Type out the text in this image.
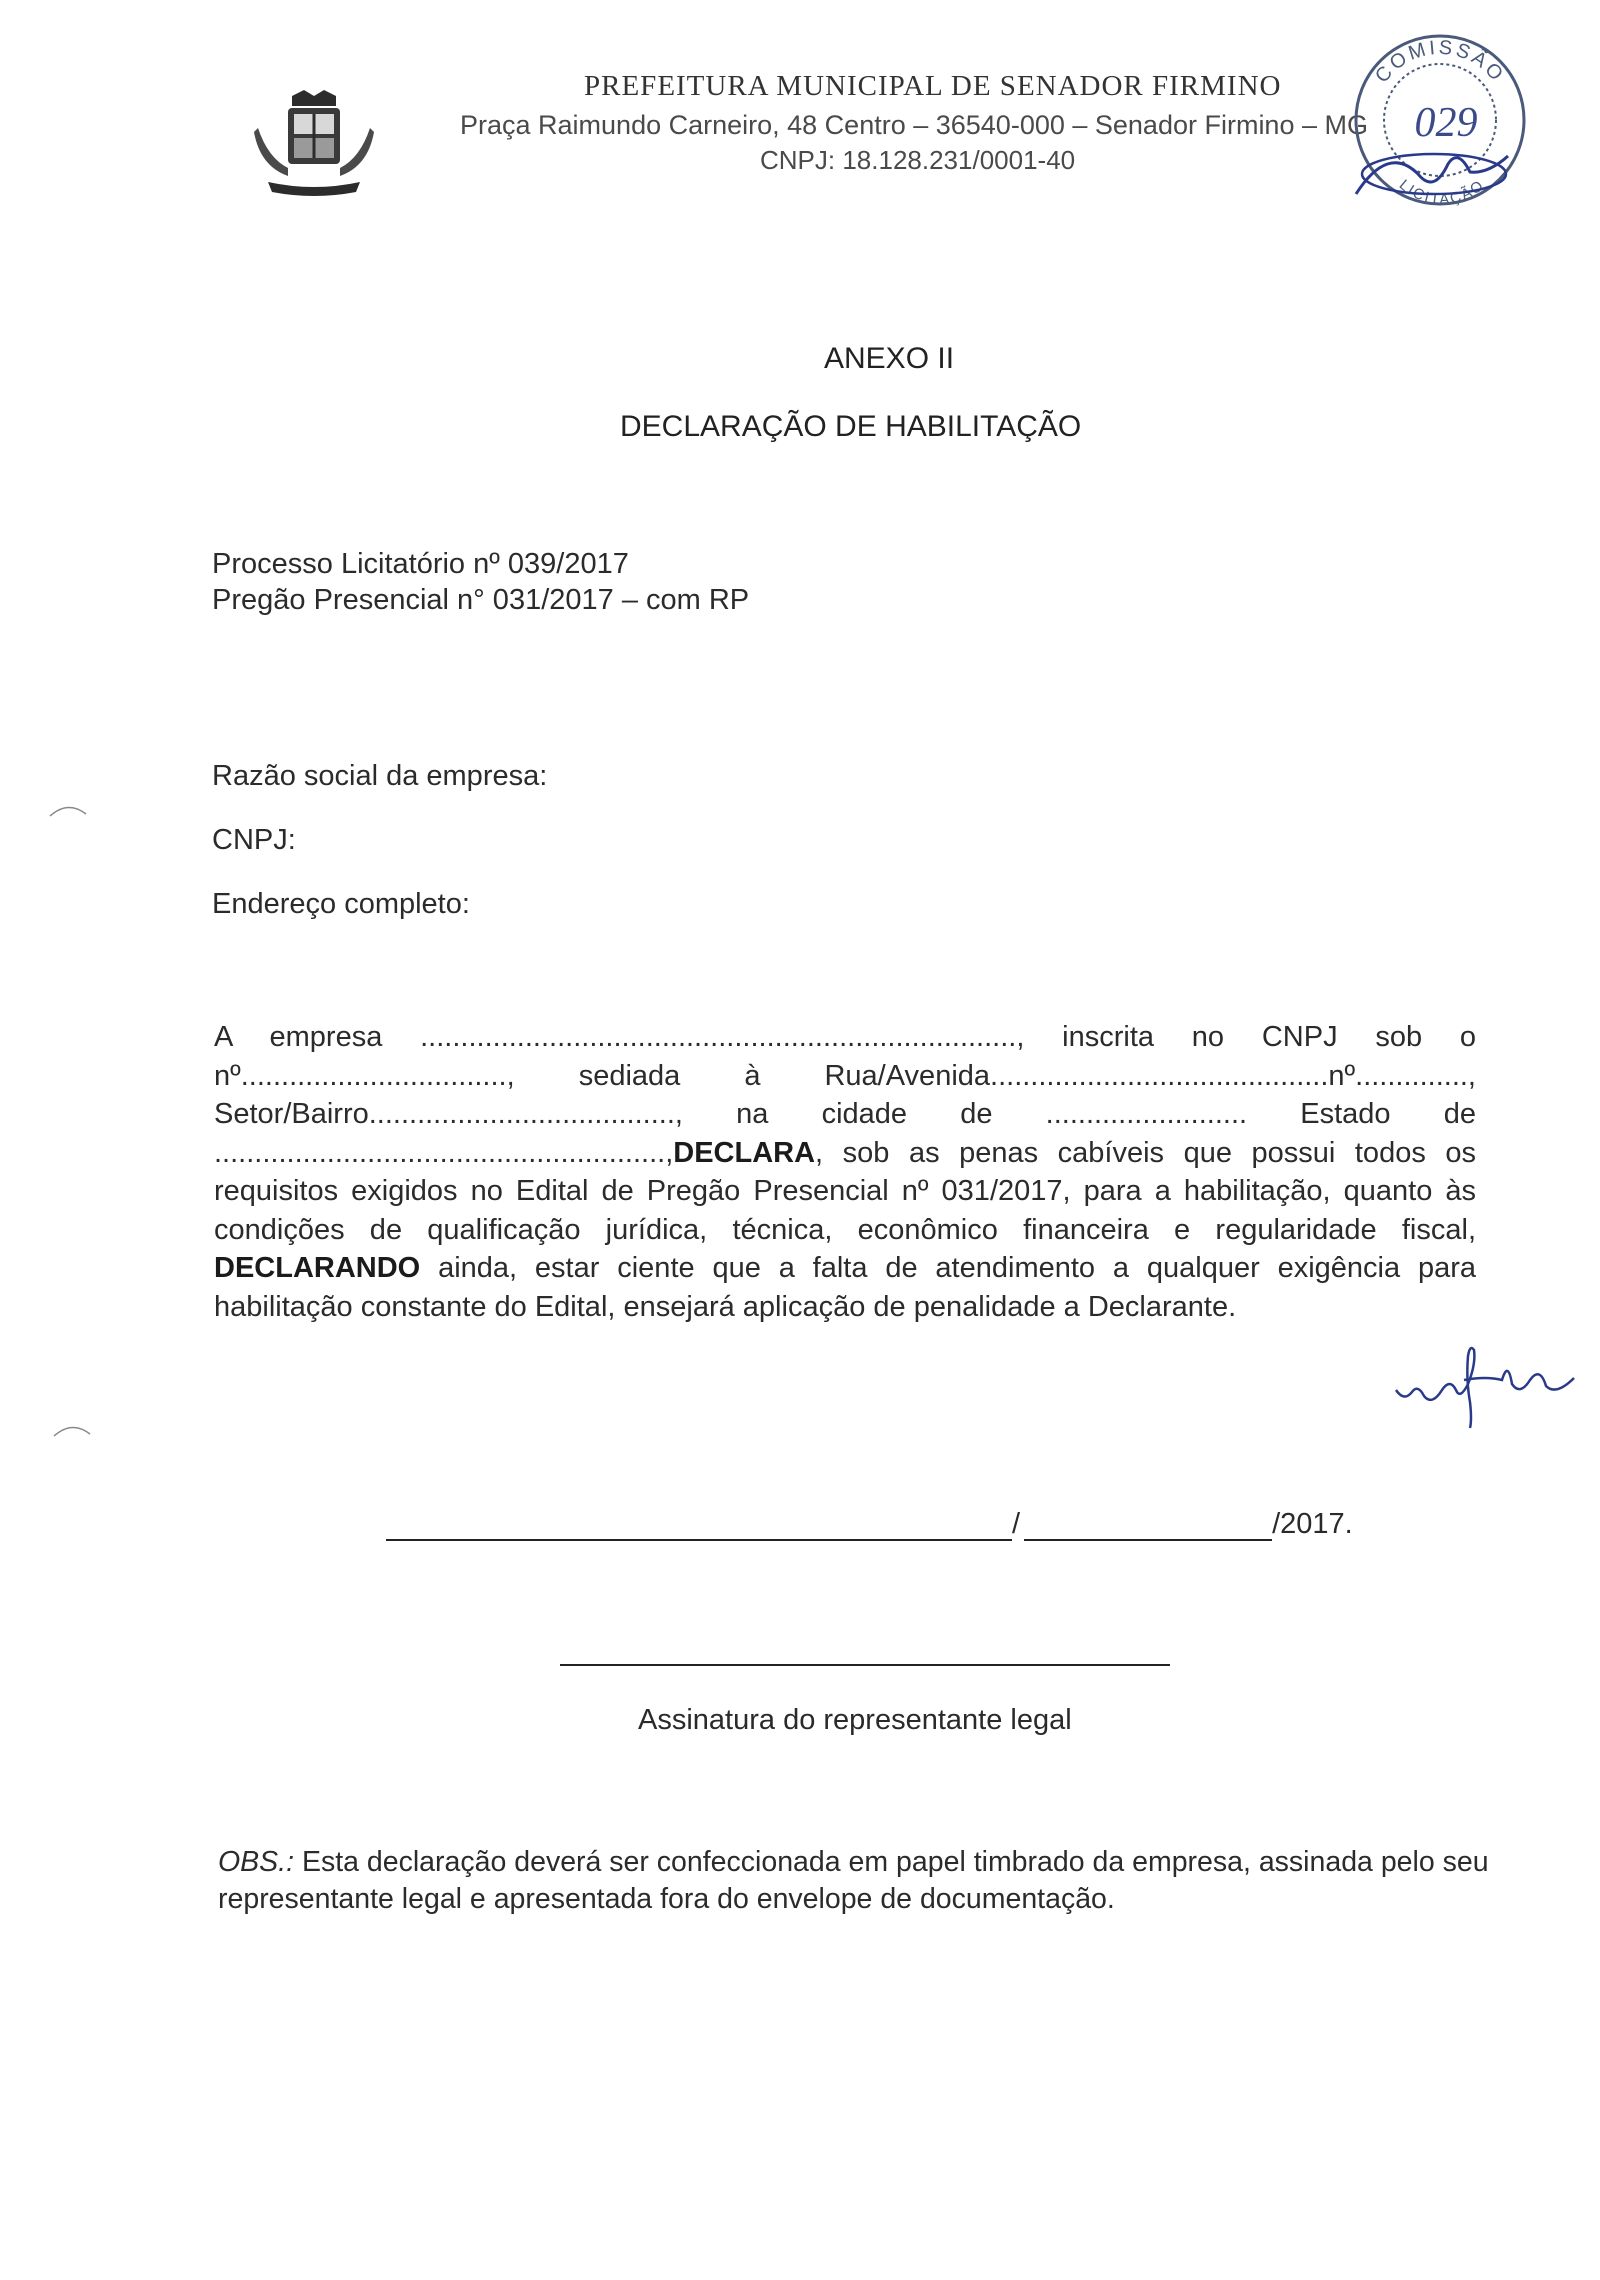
PREFEITURA MUNICIPAL DE SENADOR FIRMINO
Praça Raimundo Carneiro, 48 Centro – 36540-000 – Senador Firmino – MG
CNPJ: 18.128.231/0001-40
COMISSÃO
029
LICITAÇÃO
ANEXO II
DECLARAÇÃO DE HABILITAÇÃO
Processo Licitatório nº 039/2017
Pregão Presencial n° 031/2017 – com RP
Razão social da empresa:
CNPJ:
Endereço completo:

A empresa .........................................................................., inscrita no CNPJ sob o

nº................................., sediada à Rua/Avenida..........................................nº..............,

Setor/Bairro......................................, na cidade de ......................... Estado de

........................................................,DECLARA, sob as penas cabíveis que possui todos os requisitos exigidos no Edital de Pregão Presencial nº 031/2017, para a habilitação, quanto às condições de qualificação jurídica, técnica, econômico financeira e regularidade fiscal, DECLARANDO ainda, estar ciente que a falta de atendimento a qualquer exigência para habilitação constante do Edital, ensejará aplicação de penalidade a Declarante.

/	/2017.
Assinatura do representante legal
OBS.: Esta declaração deverá ser confeccionada em papel timbrado da empresa, assinada pelo seu representante legal e apresentada fora do envelope de documentação.
